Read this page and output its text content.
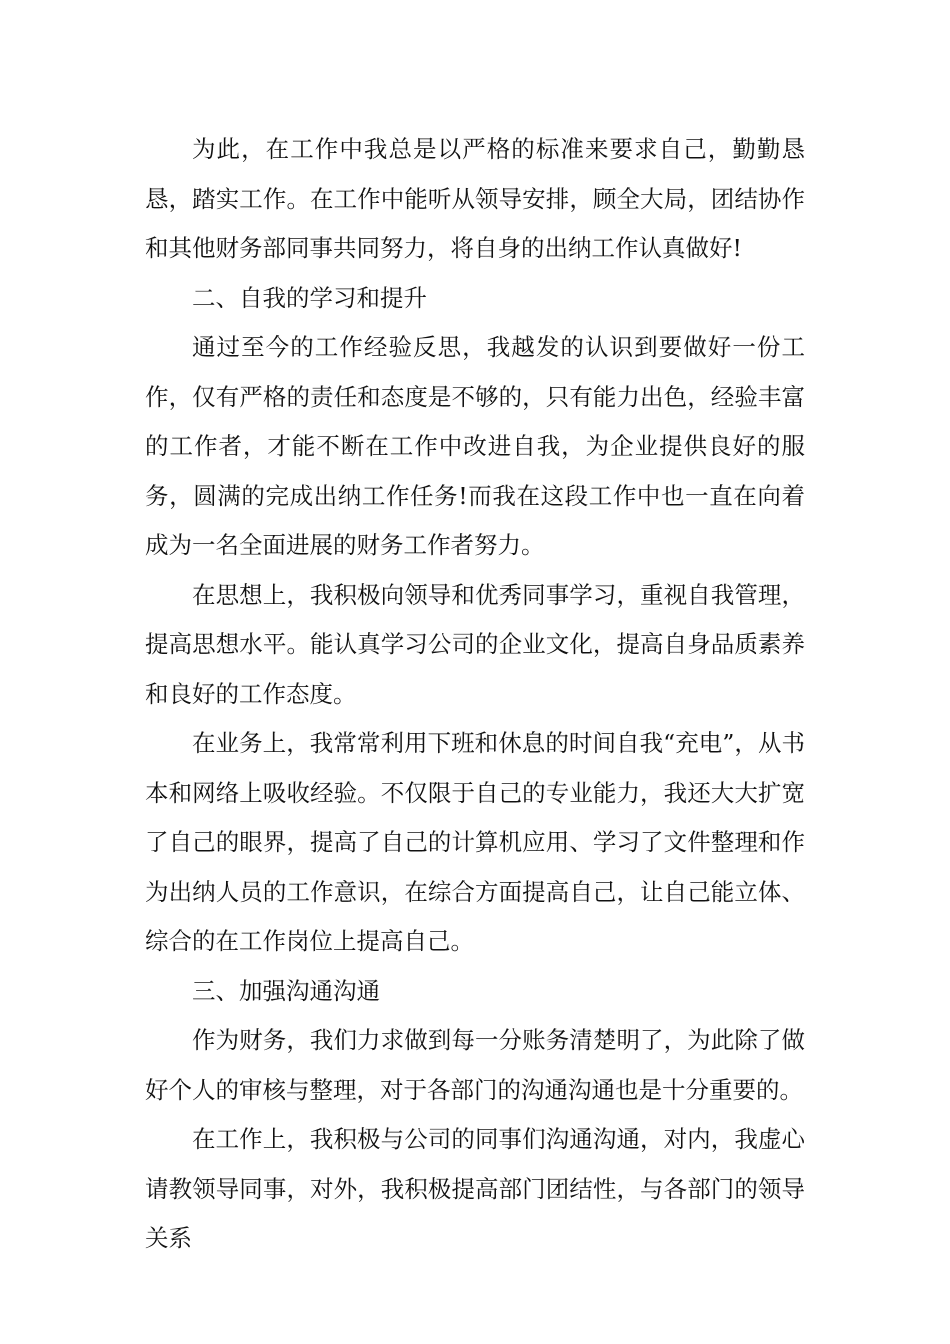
为此，在工作中我总是以严格的标准来要求自己，勤勤恳恳，踏实工作。在工作中能听从领导安排，顾全大局，团结协作和其他财务部同事共同努力，将自身的出纳工作认真做好!

二、自我的学习和提升

通过至今的工作经验反思，我越发的认识到要做好一份工作，仅有严格的责任和态度是不够的，只有能力出色，经验丰富的工作者，才能不断在工作中改进自我，为企业提供良好的服务，圆满的完成出纳工作任务!而我在这段工作中也一直在向着成为一名全面进展的财务工作者努力。

在思想上，我积极向领导和优秀同事学习，重视自我管理，提高思想水平。能认真学习公司的企业文化，提高自身品质素养和良好的工作态度。

在业务上，我常常利用下班和休息的时间自我“充电”，从书本和网络上吸收经验。不仅限于自己的专业能力，我还大大扩宽了自己的眼界，提高了自己的计算机应用、学习了文件整理和作为出纳人员的工作意识，在综合方面提高自己，让自己能立体、综合的在工作岗位上提高自己。

三、加强沟通沟通

作为财务，我们力求做到每一分账务清楚明了，为此除了做好个人的审核与整理，对于各部门的沟通沟通也是十分重要的。

在工作上，我积极与公司的同事们沟通沟通，对内，我虚心请教领导同事，对外，我积极提高部门团结性，与各部门的领导关系
